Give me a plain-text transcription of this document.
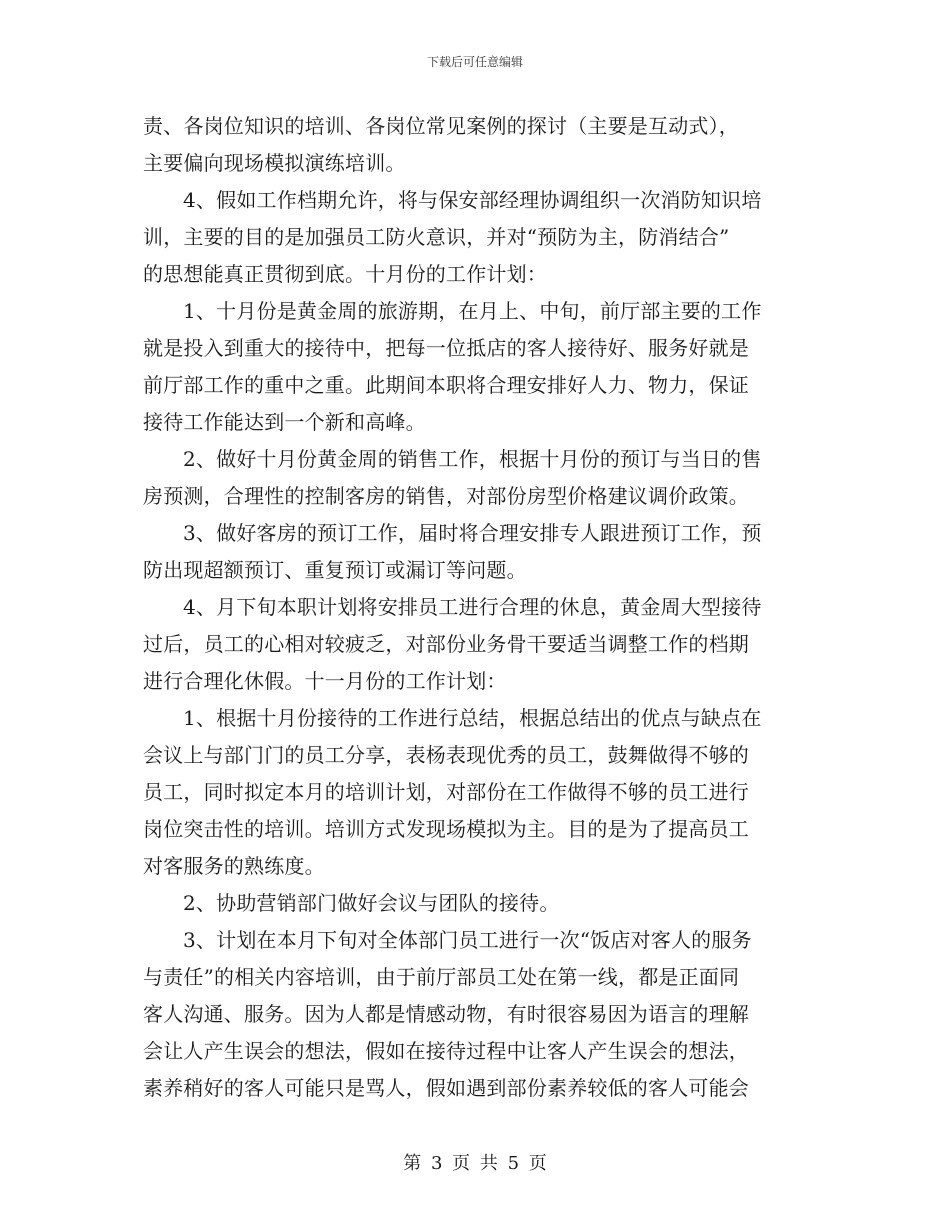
下载后可任意编辑
责、各岗位知识的培训、各岗位常见案例的探讨（主要是互动式），
主要偏向现场模拟演练培训。
4、假如工作档期允许，将与保安部经理协调组织一次消防知识培
训，主要的目的是加强员工防火意识，并对“预防为主，防消结合”
的思想能真正贯彻到底。十月份的工作计划：
1、十月份是黄金周的旅游期，在月上、中旬，前厅部主要的工作
就是投入到重大的接待中，把每一位抵店的客人接待好、服务好就是
前厅部工作的重中之重。此期间本职将合理安排好人力、物力，保证
接待工作能达到一个新和高峰。
2、做好十月份黄金周的销售工作，根据十月份的预订与当日的售
房预测，合理性的控制客房的销售，对部份房型价格建议调价政策。
3、做好客房的预订工作，届时将合理安排专人跟进预订工作，预
防出现超额预订、重复预订或漏订等问题。
4、月下旬本职计划将安排员工进行合理的休息，黄金周大型接待
过后，员工的心相对较疲乏，对部份业务骨干要适当调整工作的档期
进行合理化休假。十一月份的工作计划：
1、根据十月份接待的工作进行总结，根据总结出的优点与缺点在
会议上与部门门的员工分享，表杨表现优秀的员工，鼓舞做得不够的
员工，同时拟定本月的培训计划，对部份在工作做得不够的员工进行
岗位突击性的培训。培训方式发现场模拟为主。目的是为了提高员工
对客服务的熟练度。
2、协助营销部门做好会议与团队的接待。
3、计划在本月下旬对全体部门员工进行一次“饭店对客人的服务
与责任”的相关内容培训，由于前厅部员工处在第一线，都是正面同
客人沟通、服务。因为人都是情感动物，有时很容易因为语言的理解
会让人产生误会的想法，假如在接待过程中让客人产生误会的想法，
素养稍好的客人可能只是骂人，假如遇到部份素养较低的客人可能会
第 3 页 共 5 页
